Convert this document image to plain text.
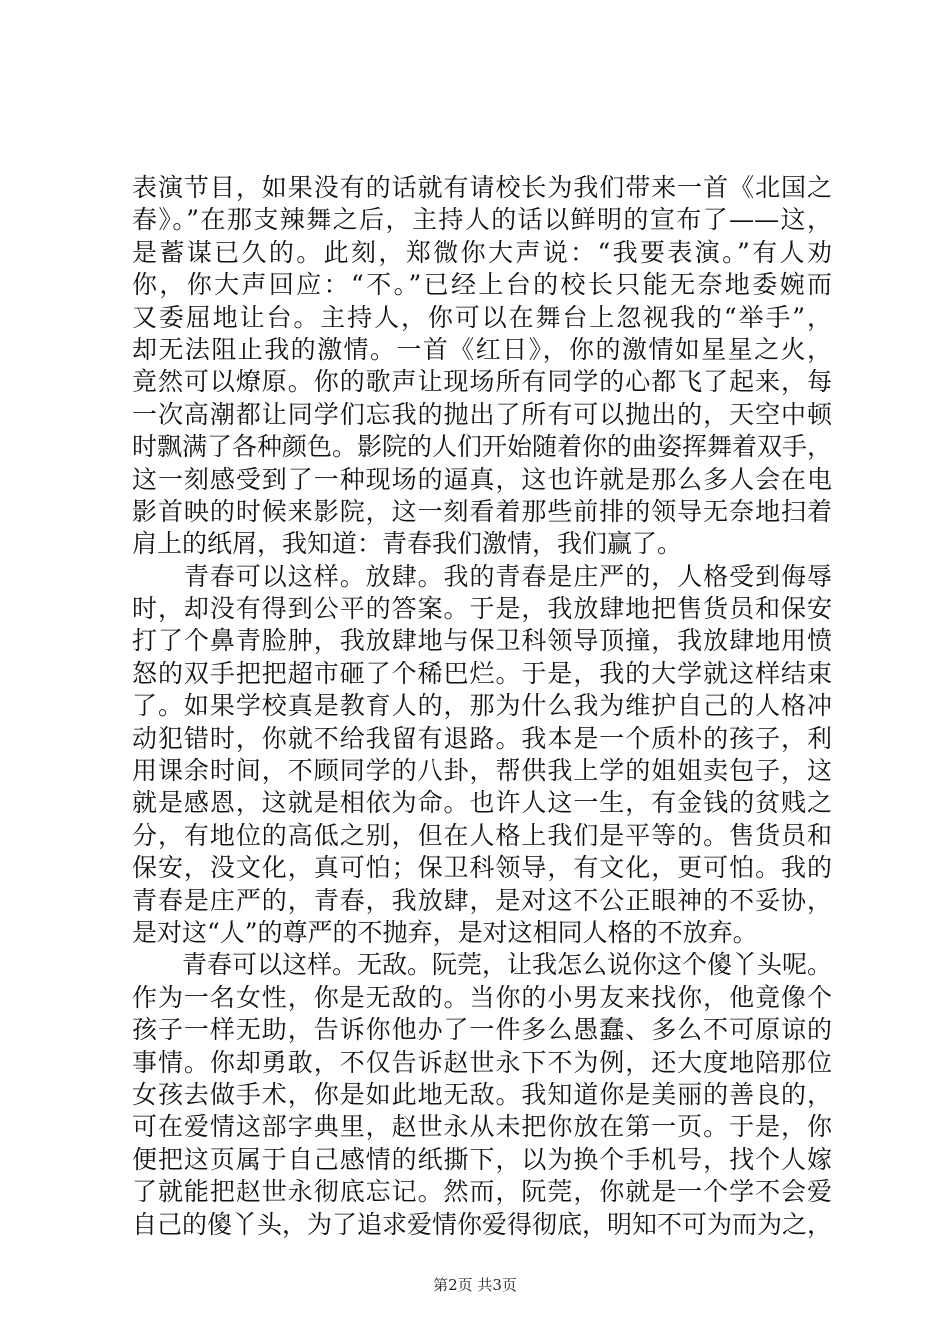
表演节目，如果没有的话就有请校长为我们带来一首《北国之
春》。”在那支辣舞之后，主持人的话以鲜明的宣布了——这，
是蓄谋已久的。此刻，郑微你大声说：“我要表演。”有人劝
你，你大声回应：“不。”已经上台的校长只能无奈地委婉而
又委屈地让台。主持人，你可以在舞台上忽视我的“举手”，
却无法阻止我的激情。一首《红日》，你的激情如星星之火，
竟然可以燎原。你的歌声让现场所有同学的心都飞了起来，每
一次高潮都让同学们忘我的抛出了所有可以抛出的，天空中顿
时飘满了各种颜色。影院的人们开始随着你的曲姿挥舞着双手，
这一刻感受到了一种现场的逼真，这也许就是那么多人会在电
影首映的时候来影院，这一刻看着那些前排的领导无奈地扫着
肩上的纸屑，我知道：青春我们激情，我们赢了。
　　青春可以这样。放肆。我的青春是庄严的，人格受到侮辱
时，却没有得到公平的答案。于是，我放肆地把售货员和保安
打了个鼻青脸肿，我放肆地与保卫科领导顶撞，我放肆地用愤
怒的双手把把超市砸了个稀巴烂。于是，我的大学就这样结束
了。如果学校真是教育人的，那为什么我为维护自己的人格冲
动犯错时，你就不给我留有退路。我本是一个质朴的孩子，利
用课余时间，不顾同学的八卦，帮供我上学的姐姐卖包子，这
就是感恩，这就是相依为命。也许人这一生，有金钱的贫贱之
分，有地位的高低之别，但在人格上我们是平等的。售货员和
保安，没文化，真可怕；保卫科领导，有文化，更可怕。我的
青春是庄严的，青春，我放肆，是对这不公正眼神的不妥协，
是对这“人”的尊严的不抛弃，是对这相同人格的不放弃。
　　青春可以这样。无敌。阮莞，让我怎么说你这个傻丫头呢。
作为一名女性，你是无敌的。当你的小男友来找你，他竟像个
孩子一样无助，告诉你他办了一件多么愚蠢、多么不可原谅的
事情。你却勇敢，不仅告诉赵世永下不为例，还大度地陪那位
女孩去做手术，你是如此地无敌。我知道你是美丽的善良的，
可在爱情这部字典里，赵世永从未把你放在第一页。于是，你
便把这页属于自己感情的纸撕下，以为换个手机号，找个人嫁
了就能把赵世永彻底忘记。然而，阮莞，你就是一个学不会爱
自己的傻丫头，为了追求爱情你爱得彻底，明知不可为而为之，
第2页 共3页
